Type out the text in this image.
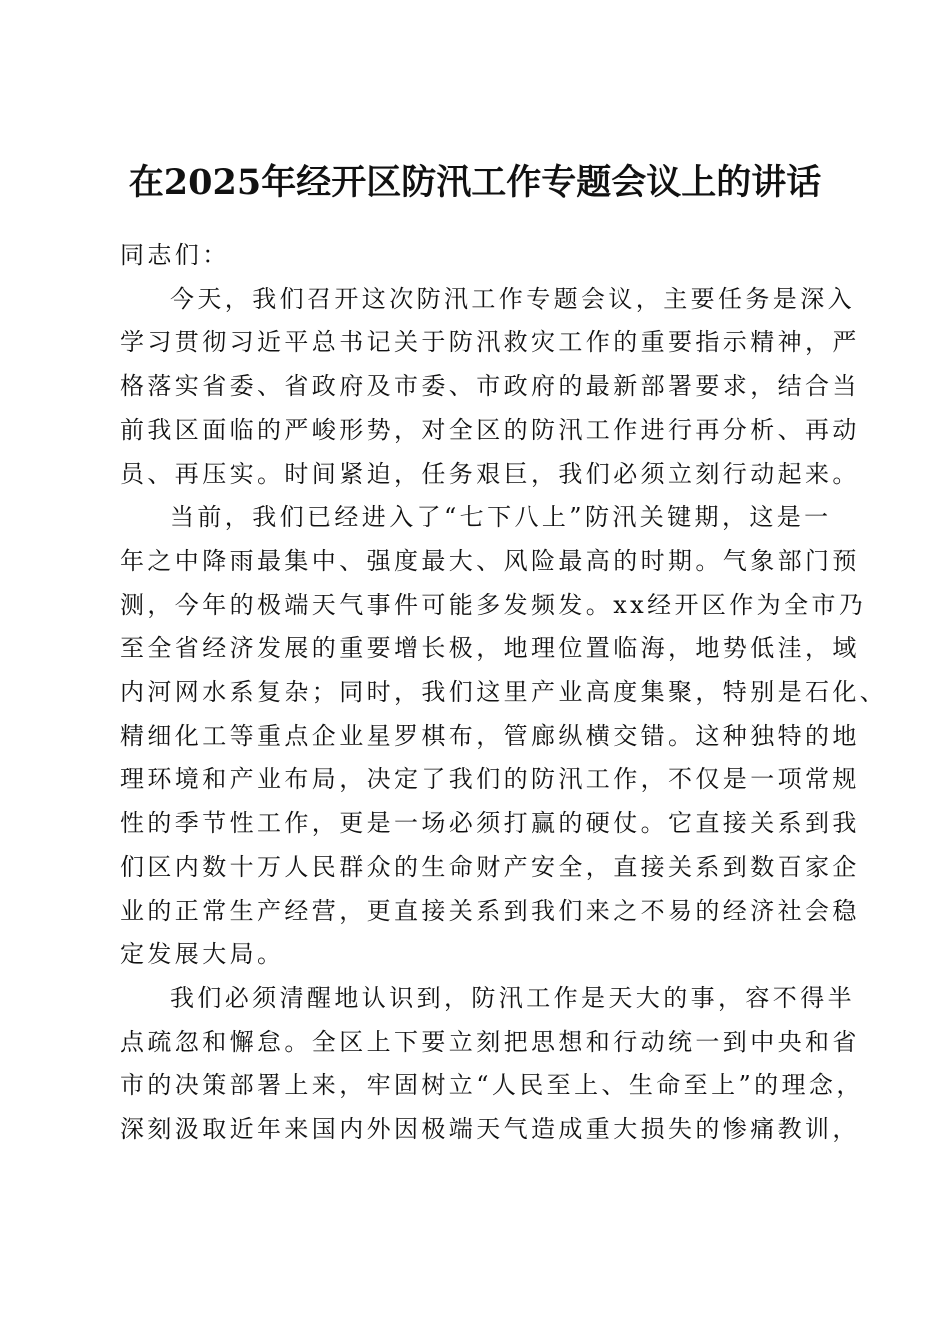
在2025年经开区防汛工作专题会议上的讲话

同志们：

今天，我们召开这次防汛工作专题会议，主要任务是深入
学习贯彻习近平总书记关于防汛救灾工作的重要指示精神，严
格落实省委、省政府及市委、市政府的最新部署要求，结合当
前我区面临的严峻形势，对全区的防汛工作进行再分析、再动
员、再压实。时间紧迫，任务艰巨，我们必须立刻行动起来。
当前，我们已经进入了“七下八上”防汛关键期，这是一
年之中降雨最集中、强度最大、风险最高的时期。气象部门预
测，今年的极端天气事件可能多发频发。xx经开区作为全市乃
至全省经济发展的重要增长极，地理位置临海，地势低洼，域
内河网水系复杂；同时，我们这里产业高度集聚，特别是石化、
精细化工等重点企业星罗棋布，管廊纵横交错。这种独特的地
理环境和产业布局，决定了我们的防汛工作，不仅是一项常规
性的季节性工作，更是一场必须打赢的硬仗。它直接关系到我
们区内数十万人民群众的生命财产安全，直接关系到数百家企
业的正常生产经营，更直接关系到我们来之不易的经济社会稳
定发展大局。
我们必须清醒地认识到，防汛工作是天大的事，容不得半
点疏忽和懈怠。全区上下要立刻把思想和行动统一到中央和省
市的决策部署上来，牢固树立“人民至上、生命至上”的理念，
深刻汲取近年来国内外因极端天气造成重大损失的惨痛教训，
